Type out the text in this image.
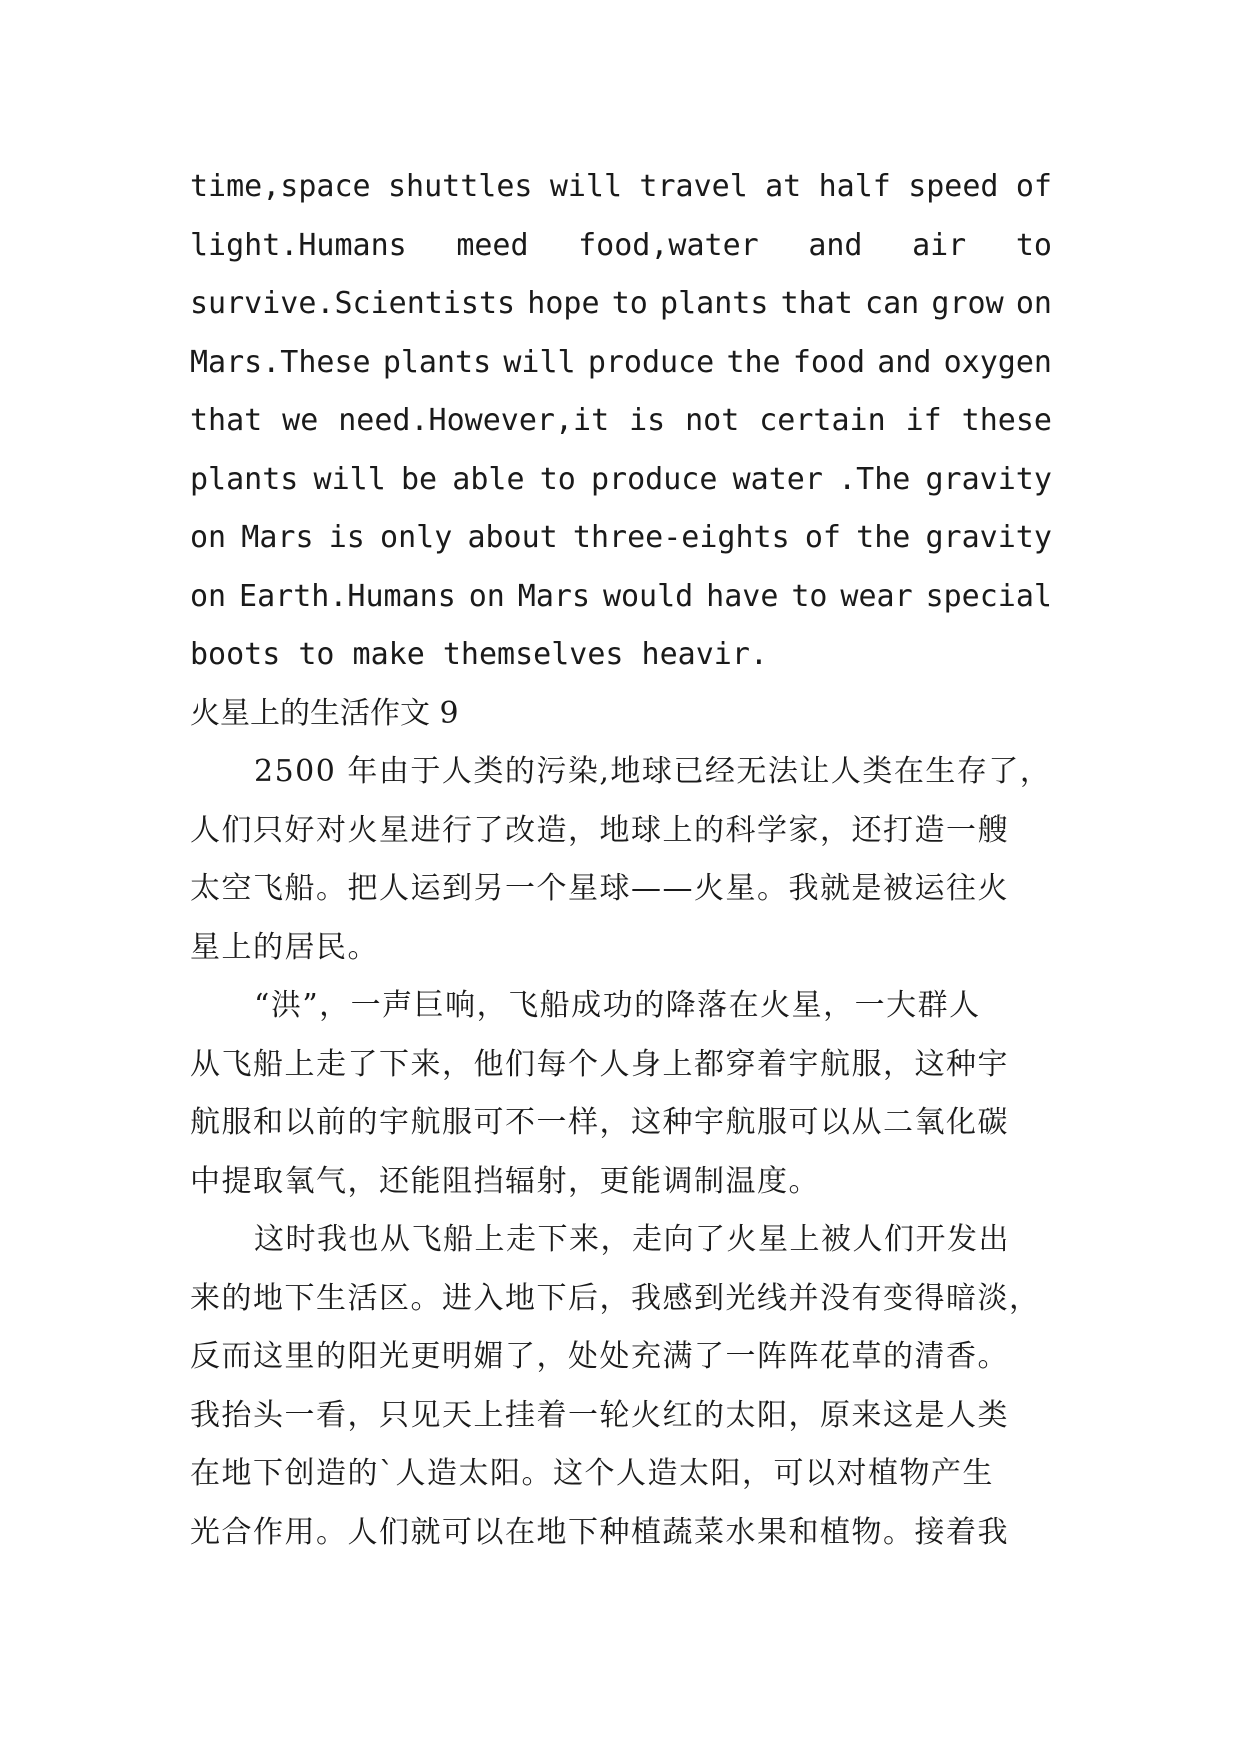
time,space shuttles will travel at half speed of
light.Humans meed food,water and air to
survive.Scientists hope to plants that can grow on
Mars.These plants will produce the food and oxygen
that we need.However,it is not certain if these
plants will be able to produce water .The gravity
on Mars is only about three-eights of the gravity
on Earth.Humans on Mars would have to wear special
boots to make themselves heavir.
火星上的生活作文 9
2500 年由于人类的污染,地球已经无法让人类在生存了，
人们只好对火星进行了改造，地球上的科学家，还打造一艘
太空飞船。把人运到另一个星球——火星。我就是被运往火
星上的居民。
“洪”，一声巨响，飞船成功的降落在火星，一大群人
从飞船上走了下来，他们每个人身上都穿着宇航服，这种宇
航服和以前的宇航服可不一样，这种宇航服可以从二氧化碳
中提取氧气，还能阻挡辐射，更能调制温度。
这时我也从飞船上走下来，走向了火星上被人们开发出
来的地下生活区。进入地下后，我感到光线并没有变得暗淡，
反而这里的阳光更明媚了，处处充满了一阵阵花草的清香。
我抬头一看，只见天上挂着一轮火红的太阳，原来这是人类
在地下创造的`人造太阳。这个人造太阳，可以对植物产生
光合作用。人们就可以在地下种植蔬菜水果和植物。接着我
